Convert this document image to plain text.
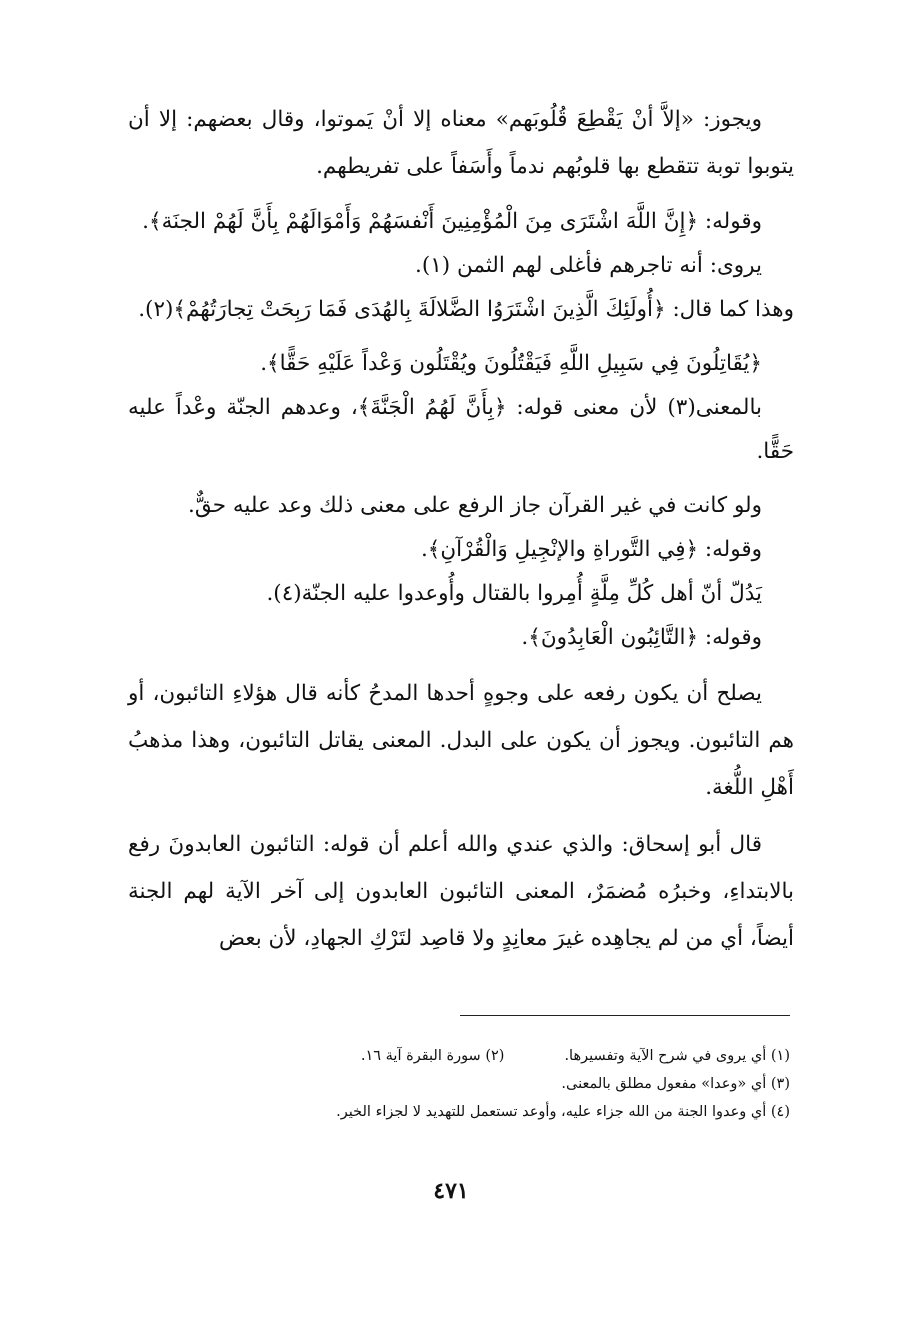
ويجوز: «إلاَّ أنْ يَقْطِعَ قُلُوبَهم» معناه إلا أنْ يَموتوا، وقال بعضهم: إلا أن يتوبوا توبة تتقطع بها قلوبُهم ندماً وأَسَفاً على تفريطهم.

وقوله: ﴿إِنَّ اللَّهَ اشْتَرَى مِنَ الْمُؤْمِنِينَ أَنْفسَهُمْ وَأَمْوَالَهُمْ بِأَنَّ لَهُمْ الجنَة﴾.

يروى: أنه تاجرهم فأغلى لهم الثمن (١).

وهذا كما قال: ﴿أُولَئِكَ الَّذِينَ اشْتَرَوُا الضَّلالَةَ بِالهُدَى فَمَا رَبِحَتْ تِجارَتُهُمْ﴾(٢).

﴿يُقَاتِلُونَ فِي سَبِيلِ اللَّهِ فَيَقْتُلُونَ ويُقْتَلُون وَعْداً عَلَيْهِ حَقًّا﴾.

بالمعنى(٣) لأن معنى قوله: ﴿بِأَنَّ لَهُمُ الْجَنَّةَ﴾، وعدهم الجنّة وعْداً عليه حَقًّا.

ولو كانت في غير القرآن جاز الرفع على معنى ذلك وعد عليه حقٌّ.

وقوله: ﴿فِي التَّوراةِ والإنْجِيلِ وَالْقُرْآنِ﴾.

يَدُلّ أنّ أهل كُلِّ مِلَّةٍ أُمِروا بالقتال وأُوعدوا عليه الجنّة(٤).

وقوله: ﴿التَّائِبُون الْعَابِدُونَ﴾.

يصلح أن يكون رفعه على وجوهٍ أحدها المدحُ كأنه قال هؤلاءِ التائبون، أو هم التائبون. ويجوز أن يكون على البدل. المعنى يقاتل التائبون، وهذا مذهبُ أَهْلِ اللُّغة.

قال أبو إسحاق: والذي عندي والله أعلم أن قوله: التائبون العابدونَ رفع بالابتداءِ، وخبرُه مُضمَرٌ، المعنى التائبون العابدون إلى آخر الآية لهم الجنة أيضاً، أي من لم يجاهِده غيرَ معانِدٍ ولا قاصِد لتَرْكِ الجهادِ، لأن بعض

(١) أي يروى في شرح الآية وتفسيرها.(٢) سورة البقرة آية ١٦.
(٣) أي «وعدا» مفعول مطلق بالمعنى.
(٤) أي وعدوا الجنة من الله جزاء عليه، وأوعد تستعمل للتهديد لا لجزاء الخير.
٤٧١
